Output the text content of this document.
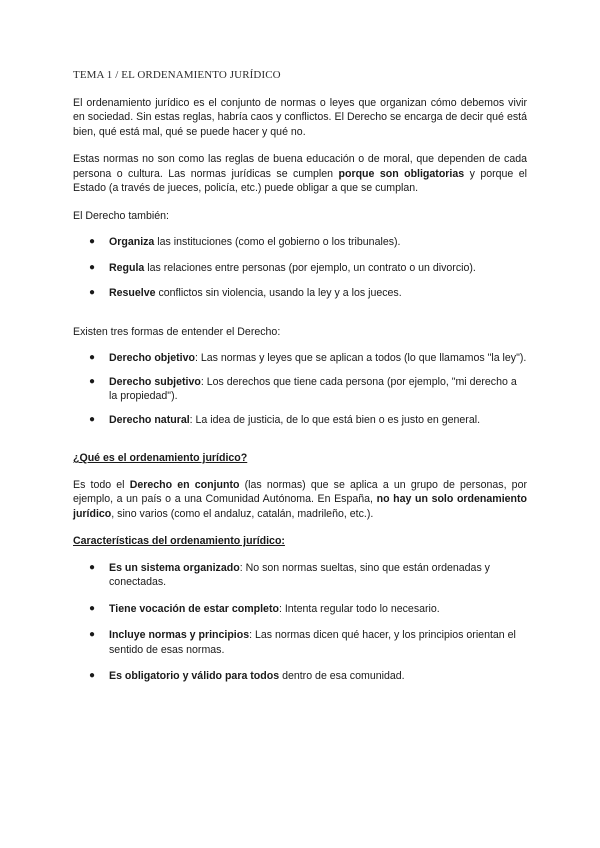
TEMA 1 / EL ORDENAMIENTO JURÍDICO

El ordenamiento jurídico es el conjunto de normas o leyes que organizan cómo debemos vivir en sociedad. Sin estas reglas, habría caos y conflictos. El Derecho se encarga de decir qué está bien, qué está mal, qué se puede hacer y qué no.

Estas normas no son como las reglas de buena educación o de moral, que dependen de cada persona o cultura. Las normas jurídicas se cumplen porque son obligatorias y porque el Estado (a través de jueces, policía, etc.) puede obligar a que se cumplan.

El Derecho también:

● Organiza las instituciones (como el gobierno o los tribunales).
● Regula las relaciones entre personas (por ejemplo, un contrato o un divorcio).
● Resuelve conflictos sin violencia, usando la ley y a los jueces.

Existen tres formas de entender el Derecho:

● Derecho objetivo: Las normas y leyes que se aplican a todos (lo que llamamos "la ley").
● Derecho subjetivo: Los derechos que tiene cada persona (por ejemplo, "mi derecho a la propiedad").
● Derecho natural: La idea de justicia, de lo que está bien o es justo en general.

¿Qué es el ordenamiento jurídico?

Es todo el Derecho en conjunto (las normas) que se aplica a un grupo de personas, por ejemplo, a un país o a una Comunidad Autónoma. En España, no hay un solo ordenamiento jurídico, sino varios (como el andaluz, catalán, madrileño, etc.).

Características del ordenamiento jurídico:

● Es un sistema organizado: No son normas sueltas, sino que están ordenadas y conectadas.
● Tiene vocación de estar completo: Intenta regular todo lo necesario.
● Incluye normas y principios: Las normas dicen qué hacer, y los principios orientan el sentido de esas normas.
● Es obligatorio y válido para todos dentro de esa comunidad.
